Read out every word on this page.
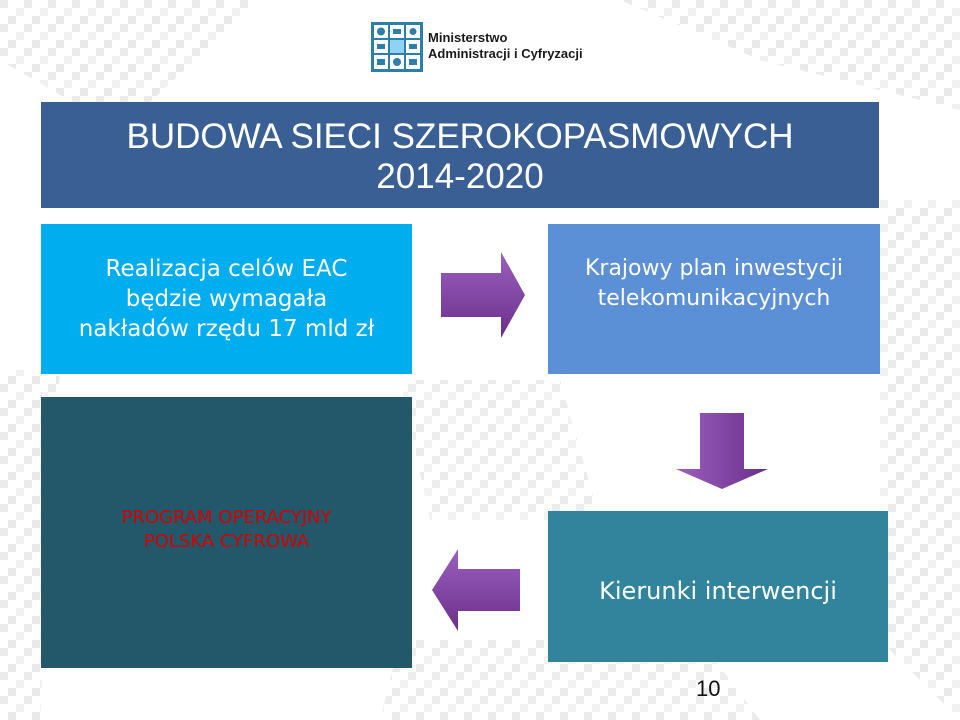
Ministerstwo
Administracji i Cyfryzacji
BUDOWA SIECI SZEROKOPASMOWYCH
2014-2020
Realizacja celów EAC
będzie wymagała
nakładów rzędu 17 mld zł
Krajowy plan inwestycji
telekomunikacyjnych
PROGRAM OPERACYJNY
POLSKA CYFROWA
Kierunki interwencji
10
